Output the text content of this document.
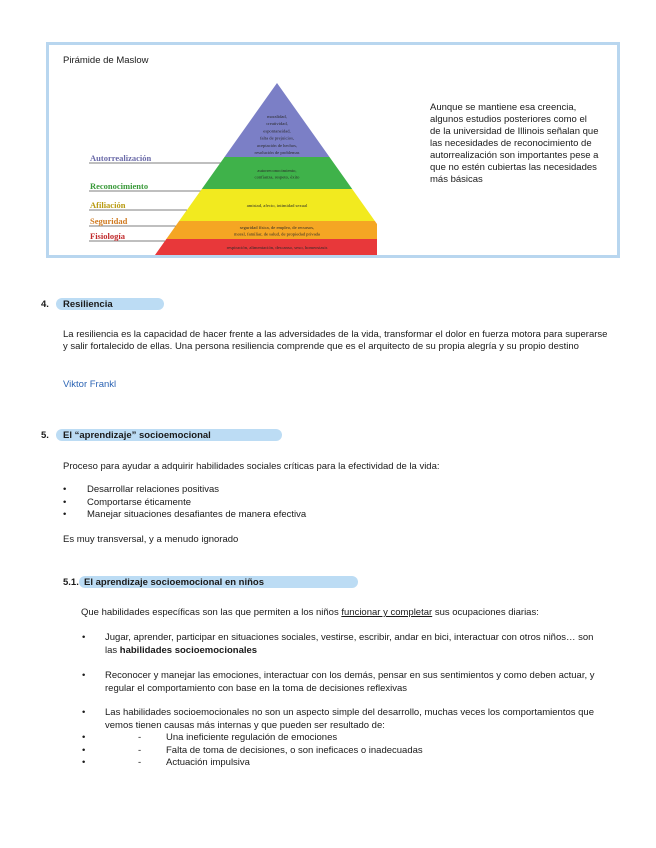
Pirámide de Maslow
moralidad,
creatividad,
espontaneidad,
falta de prejuicios,
aceptación de hechos,
resolución de problemas
Autorrealización
autorreconocimiento,
confianza, respeto, éxito
Reconocimiento
amistad, afecto, intimidad sexual
Afiliación
seguridad física, de empleo, de recursos,
moral, familiar, de salud, de propiedad privada
Seguridad
respiración, alimentación, descanso, sexo, homeostasis
Fisiología
Aunque se mantiene esa creencia, algunos estudios posteriores como el de la universidad de Illinois señalan que las necesidades de reconocimiento de autorrealización son importantes pese a que no estén cubiertas las necesidades más básicas
4. Resiliencia
La resiliencia es la capacidad de hacer frente a las adversidades de la vida, transformar el dolor en fuerza motora para superarse y salir fortalecido de ellas. Una persona resiliencia comprende que es el arquitecto de su propia alegría y su propio destino
Viktor Frankl
5. El “aprendizaje” socioemocional
Proceso para ayudar a adquirir habilidades sociales críticas para la efectividad de la vida:
• Desarrollar relaciones positivas
• Comportarse éticamente
• Manejar situaciones desafiantes de manera efectiva
Es muy transversal, y a menudo ignorado
5.1. El aprendizaje socioemocional en niños
Que habilidades específicas son las que permiten a los niños funcionar y completar sus ocupaciones diarias:
• Jugar, aprender, participar en situaciones sociales, vestirse, escribir, andar en bici, interactuar con otros niños… son las habilidades socioemocionales
• Reconocer y manejar las emociones, interactuar con los demás, pensar en sus sentimientos y como deben actuar, y regular el comportamiento con base en la toma de decisiones reflexivas
• Las habilidades socioemocionales no son un aspecto simple del desarrollo, muchas veces los comportamientos que vemos tienen causas más internas y que pueden ser resultado de:
•	-	Una ineficiente regulación de emociones
•	-	Falta de toma de decisiones, o son ineficaces o inadecuadas
•	-	Actuación impulsiva
